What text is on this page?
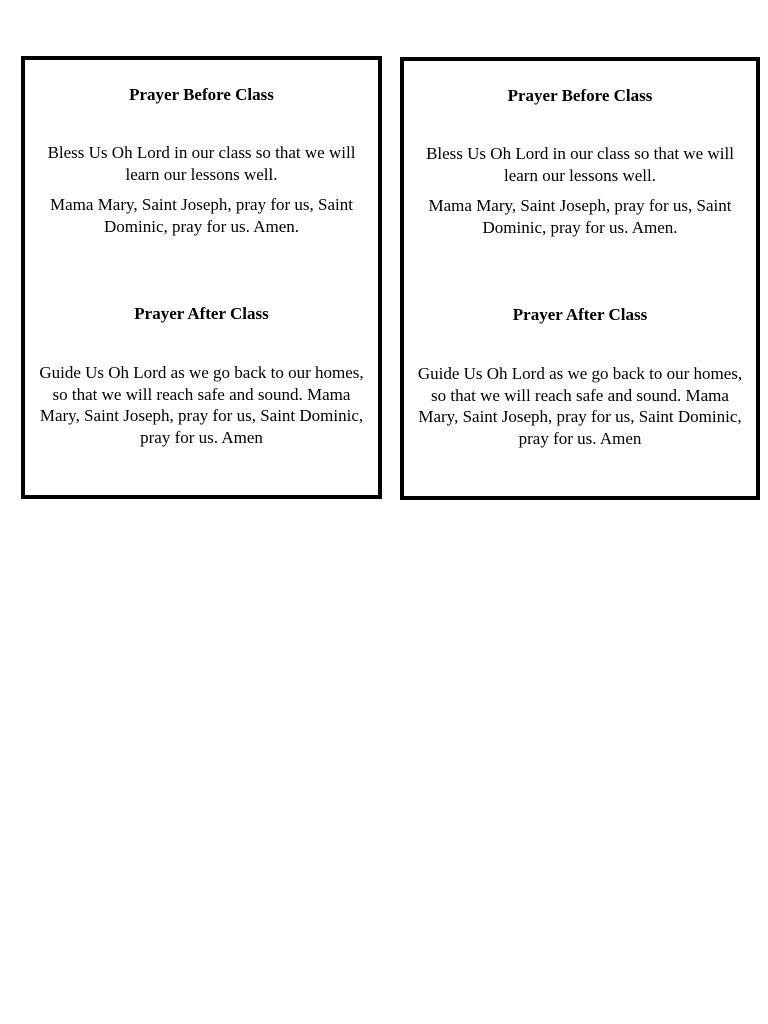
Prayer Before Class

Bless Us Oh Lord in our class so that we will learn our lessons well.

Mama Mary, Saint Joseph, pray for us, Saint Dominic, pray for us. Amen.

Prayer After Class

Guide Us Oh Lord as we go back to our homes, so that we will reach safe and sound. Mama Mary, Saint Joseph, pray for us, Saint Dominic, pray for us. Amen

Prayer Before Class

Bless Us Oh Lord in our class so that we will learn our lessons well.

Mama Mary, Saint Joseph, pray for us, Saint Dominic, pray for us. Amen.

Prayer After Class

Guide Us Oh Lord as we go back to our homes, so that we will reach safe and sound. Mama Mary, Saint Joseph, pray for us, Saint Dominic, pray for us. Amen
